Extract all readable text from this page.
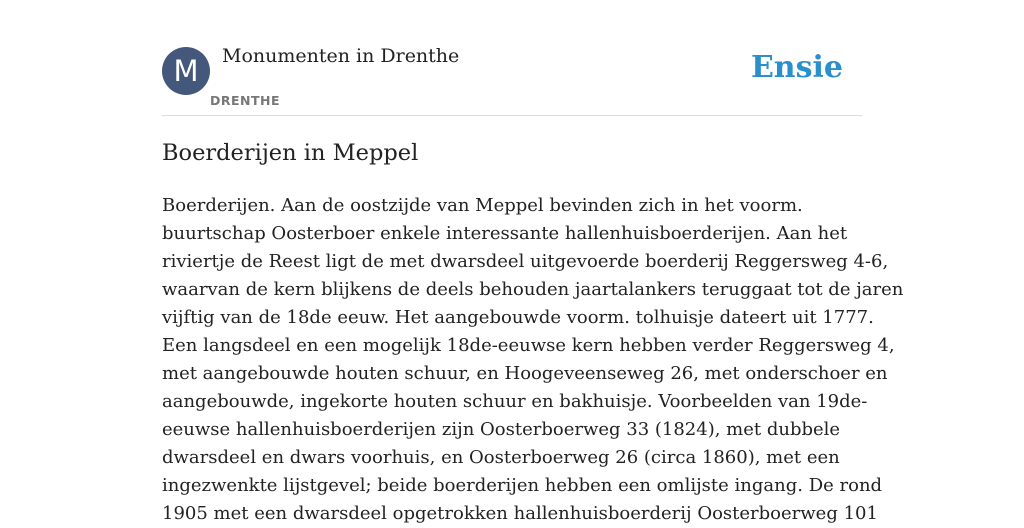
M	Monumenten in Drenthe
DRENTHE
Ensie
Boerderijen in Meppel
Boerderijen. Aan de oostzijde van Meppel bevinden zich in het voorm.
buurtschap Oosterboer enkele interessante hallenhuisboerderijen. Aan het
riviertje de Reest ligt de met dwarsdeel uitgevoerde boerderij Reggersweg 4-6,
waarvan de kern blijkens de deels behouden jaartalankers teruggaat tot de jaren
vijftig van de 18de eeuw. Het aangebouwde voorm. tolhuisje dateert uit 1777.
Een langsdeel en een mogelijk 18de-eeuwse kern hebben verder Reggersweg 4,
met aangebouwde houten schuur, en Hoogeveenseweg 26, met onderschoer en
aangebouwde, ingekorte houten schuur en bakhuisje. Voorbeelden van 19de-
eeuwse hallenhuisboerderijen zijn Oosterboerweg 33 (1824), met dubbele
dwarsdeel en dwars voorhuis, en Oosterboerweg 26 (circa 1860), met een
ingezwenkte lijstgevel; beide boerderijen hebben een omlijste ingang. De rond
1905 met een dwarsdeel opgetrokken hallenhuisboerderij Oosterboerweg 101
